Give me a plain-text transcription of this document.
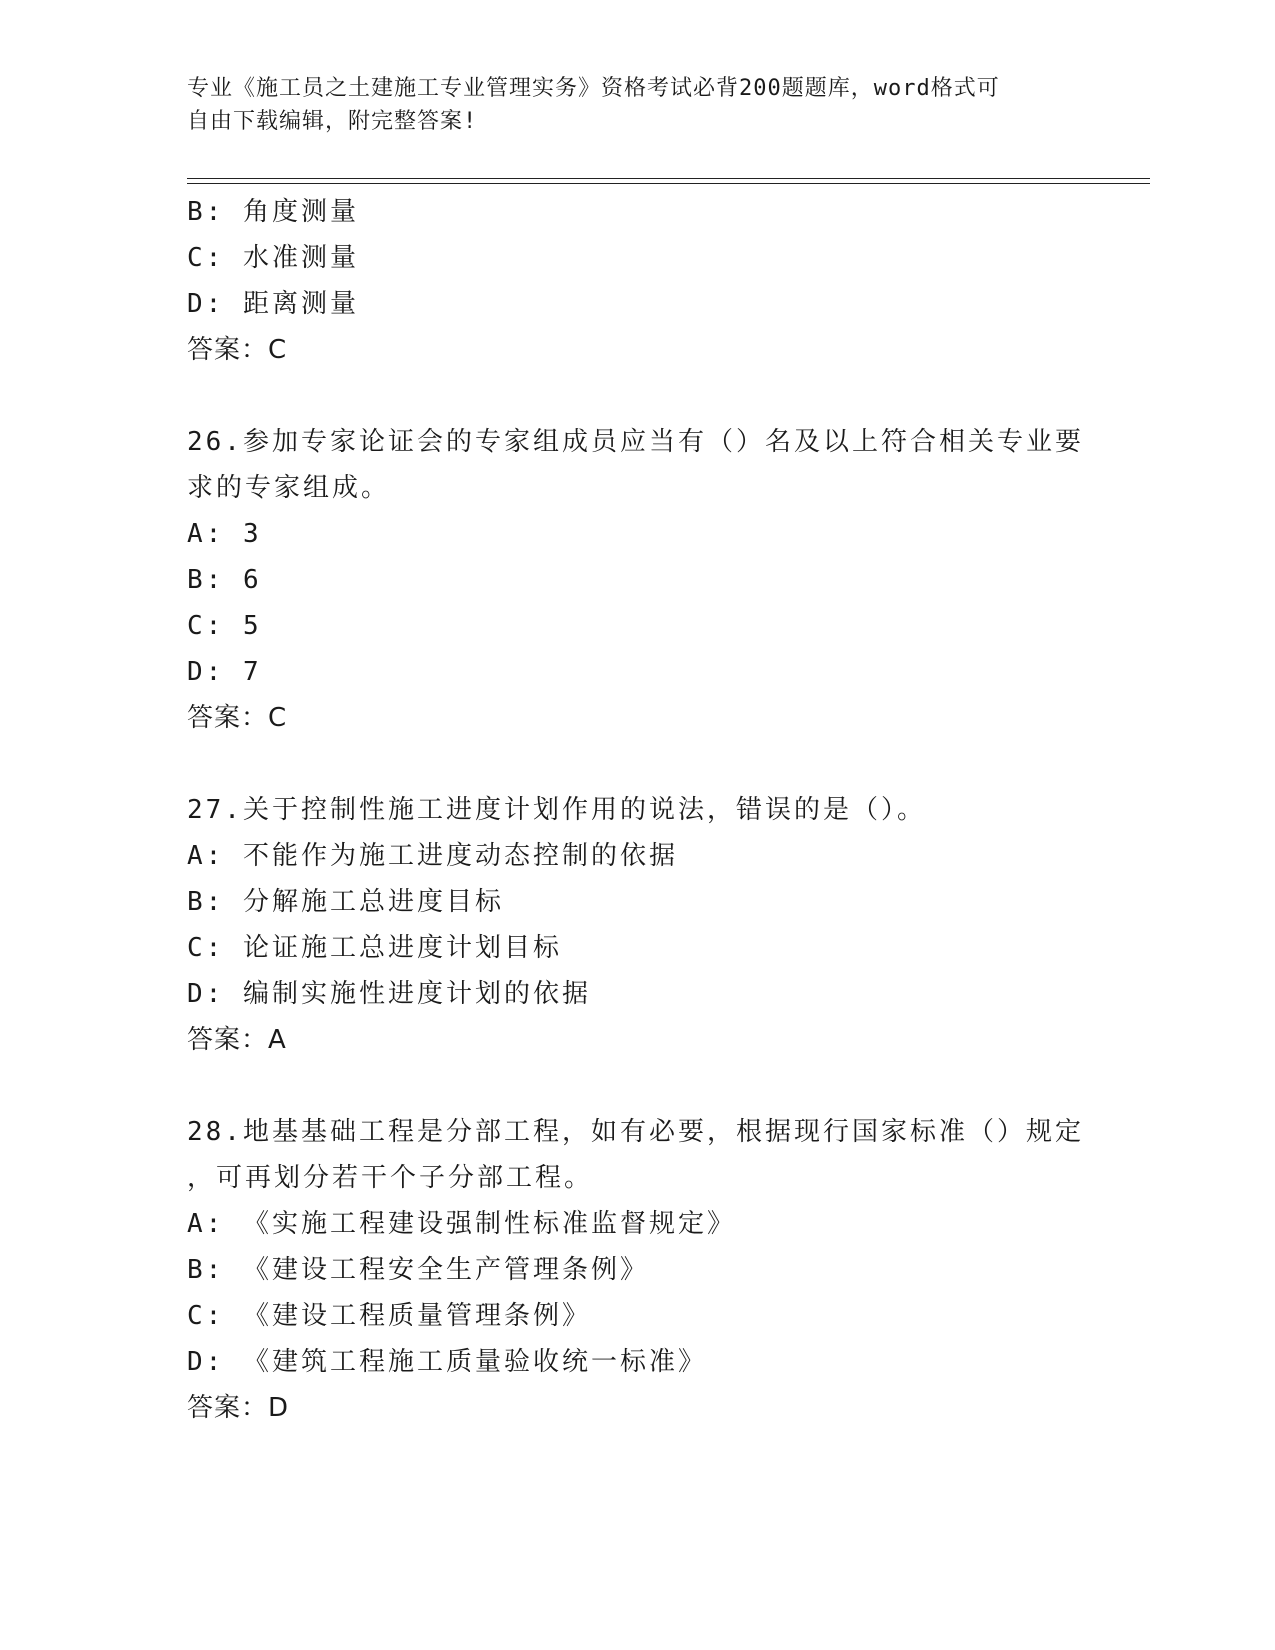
专业《施工员之土建施工专业管理实务》资格考试必背200题题库，word格式可
自由下载编辑，附完整答案!
B: 角度测量
C: 水准测量
D: 距离测量
答案：C
26.参加专家论证会的专家组成员应当有（）名及以上符合相关专业要
求的专家组成。
A: 3
B: 6
C: 5
D: 7
答案：C
27.关于控制性施工进度计划作用的说法，错误的是（）。
A: 不能作为施工进度动态控制的依据
B: 分解施工总进度目标
C: 论证施工总进度计划目标
D: 编制实施性进度计划的依据
答案：A
28.地基基础工程是分部工程，如有必要，根据现行国家标准（）规定
，可再划分若干个子分部工程。
A: 《实施工程建设强制性标准监督规定》
B: 《建设工程安全生产管理条例》
C: 《建设工程质量管理条例》
D: 《建筑工程施工质量验收统一标准》
答案：D
